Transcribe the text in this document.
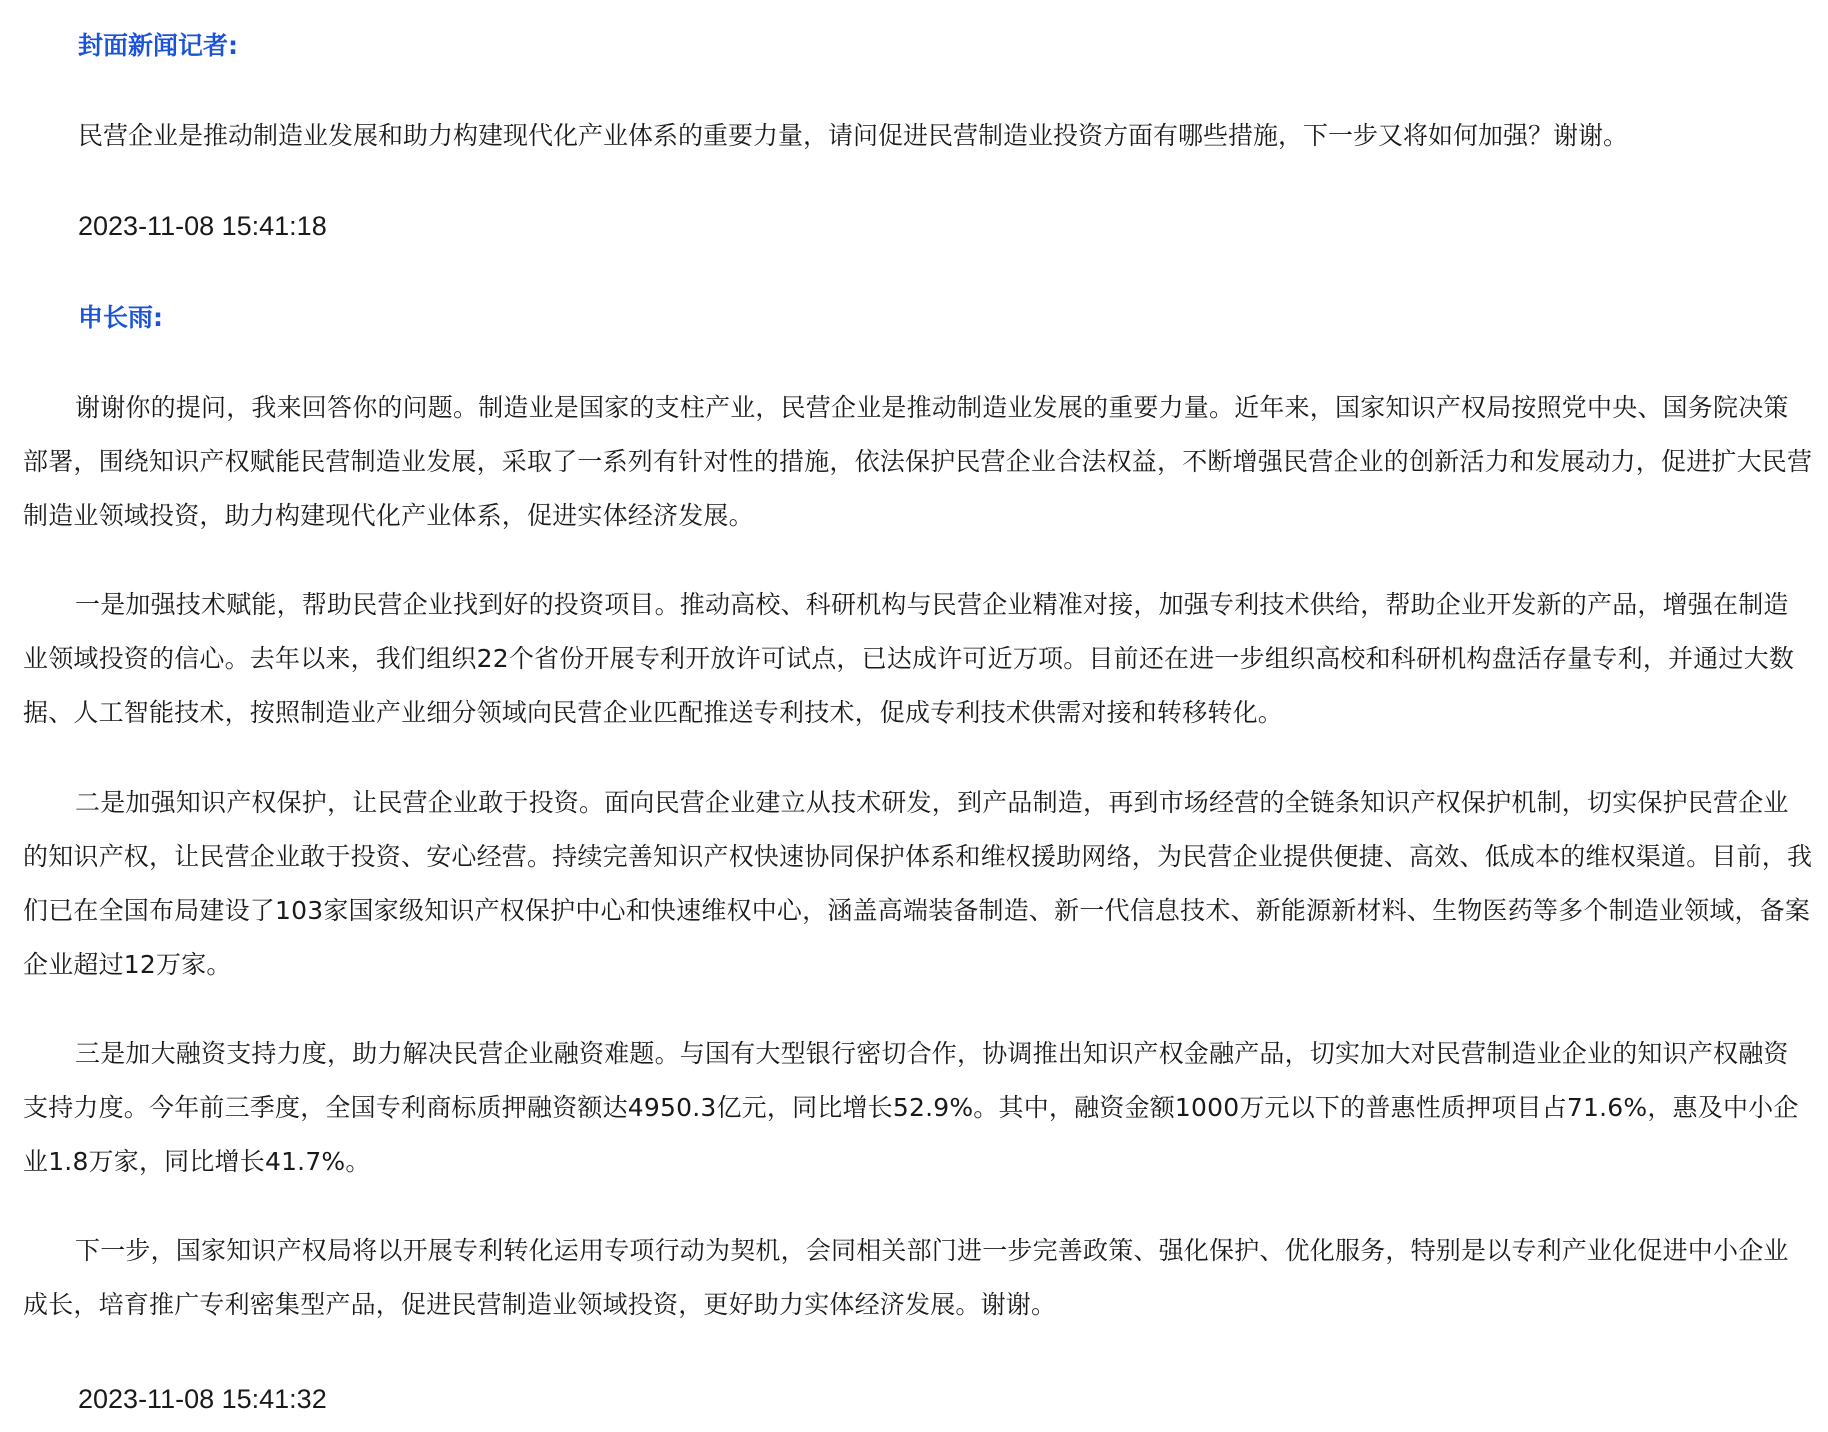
封面新闻记者:

民营企业是推动制造业发展和助力构建现代化产业体系的重要力量，请问促进民营制造业投资方面有哪些措施，下一步又将如何加强？谢谢。

2023-11-08 15:41:18
申长雨:

谢谢你的提问，我来回答你的问题。制造业是国家的支柱产业，民营企业是推动制造业发展的重要力量。近年来，国家知识产权局按照党中央、国务院决策部署，围绕知识产权赋能民营制造业发展，采取了一系列有针对性的措施，依法保护民营企业合法权益，不断增强民营企业的创新活力和发展动力，促进扩大民营制造业领域投资，助力构建现代化产业体系，促进实体经济发展。

一是加强技术赋能，帮助民营企业找到好的投资项目。推动高校、科研机构与民营企业精准对接，加强专利技术供给，帮助企业开发新的产品，增强在制造业领域投资的信心。去年以来，我们组织22个省份开展专利开放许可试点，已达成许可近万项。目前还在进一步组织高校和科研机构盘活存量专利，并通过大数据、人工智能技术，按照制造业产业细分领域向民营企业匹配推送专利技术，促成专利技术供需对接和转移转化。

二是加强知识产权保护，让民营企业敢于投资。面向民营企业建立从技术研发，到产品制造，再到市场经营的全链条知识产权保护机制，切实保护民营企业的知识产权，让民营企业敢于投资、安心经营。持续完善知识产权快速协同保护体系和维权援助网络，为民营企业提供便捷、高效、低成本的维权渠道。目前，我们已在全国布局建设了103家国家级知识产权保护中心和快速维权中心，涵盖高端装备制造、新一代信息技术、新能源新材料、生物医药等多个制造业领域，备案企业超过12万家。

三是加大融资支持力度，助力解决民营企业融资难题。与国有大型银行密切合作，协调推出知识产权金融产品，切实加大对民营制造业企业的知识产权融资支持力度。今年前三季度，全国专利商标质押融资额达4950.3亿元，同比增长52.9%。其中，融资金额1000万元以下的普惠性质押项目占71.6%，惠及中小企业1.8万家，同比增长41.7%。

下一步，国家知识产权局将以开展专利转化运用专项行动为契机，会同相关部门进一步完善政策、强化保护、优化服务，特别是以专利产业化促进中小企业成长，培育推广专利密集型产品，促进民营制造业领域投资，更好助力实体经济发展。谢谢。

2023-11-08 15:41:32
